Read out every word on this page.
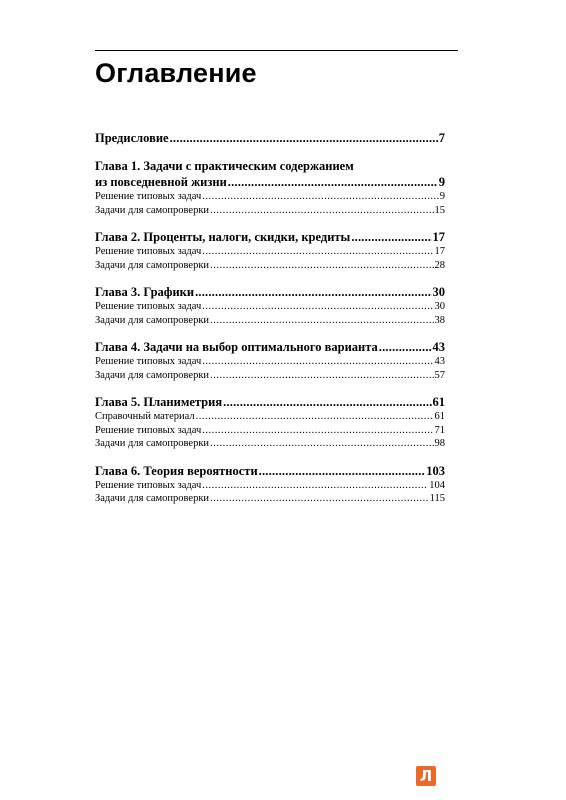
Оглавление
Предисловие .....	7
Глава 1. Задачи с практическим содержанием
из повседневной жизни .....	9
Решение типовых задач .....	9
Задачи для самопроверки .....	15
Глава 2. Проценты, налоги, скидки, кредиты .....	17
Решение типовых задач .....	17
Задачи для самопроверки .....	28
Глава 3. Графики .....	30
Решение типовых задач .....	30
Задачи для самопроверки .....	38
Глава 4. Задачи на выбор оптимального варианта .....	43
Решение типовых задач .....	43
Задачи для самопроверки .....	57
Глава 5. Планиметрия .....	61
Справочный материал .....	61
Решение типовых задач .....	71
Задачи для самопроверки .....	98
Глава 6. Теория вероятности .....	103
Решение типовых задач .....	104
Задачи для самопроверки .....	115
Л
